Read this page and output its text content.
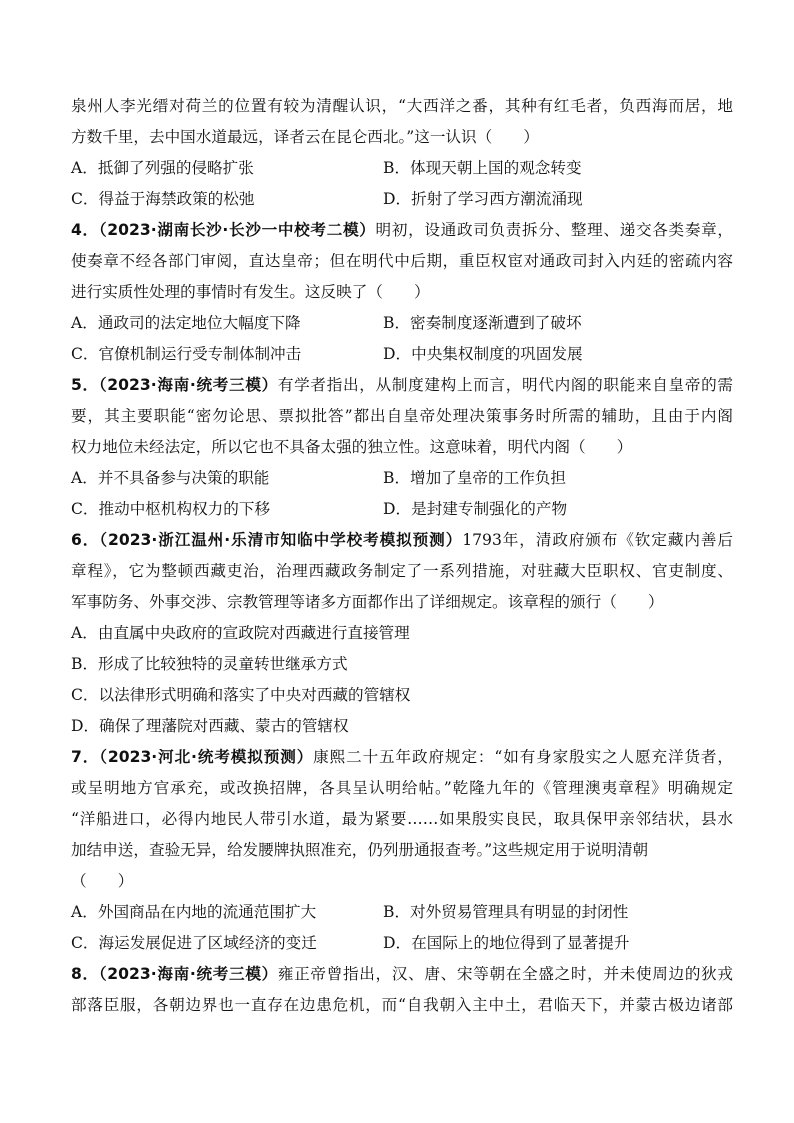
泉州人李光缙对荷兰的位置有较为清醒认识，“大西洋之番，其种有红毛者，负西海而居，地
方数千里，去中国水道最远，译者云在昆仑西北。”这一认识（　　）
A．抵御了列强的侵略扩张	B．体现天朝上国的观念转变
C．得益于海禁政策的松弛	D．折射了学习西方潮流涌现
4．（2023·湖南长沙·长沙一中校考二模）明初，设通政司负责拆分、整理、递交各类奏章，
使奏章不经各部门审阅，直达皇帝；但在明代中后期，重臣权宦对通政司封入内廷的密疏内容
进行实质性处理的事情时有发生。这反映了（　　）
A．通政司的法定地位大幅度下降	B．密奏制度逐渐遭到了破坏
C．官僚机制运行受专制体制冲击	D．中央集权制度的巩固发展
5．（2023·海南·统考三模）有学者指出，从制度建构上而言，明代内阁的职能来自皇帝的需
要，其主要职能“密勿论思、票拟批答”都出自皇帝处理决策事务时所需的辅助，且由于内阁
权力地位未经法定，所以它也不具备太强的独立性。这意味着，明代内阁（　　）
A．并不具备参与决策的职能	B．增加了皇帝的工作负担
C．推动中枢机构权力的下移	D．是封建专制强化的产物
6．（2023·浙江温州·乐清市知临中学校考模拟预测）1793年，清政府颁布《钦定藏内善后
章程》，它为整顿西藏吏治，治理西藏政务制定了一系列措施，对驻藏大臣职权、官吏制度、
军事防务、外事交涉、宗教管理等诸多方面都作出了详细规定。该章程的颁行（　　）
A．由直属中央政府的宣政院对西藏进行直接管理
B．形成了比较独特的灵童转世继承方式
C．以法律形式明确和落实了中央对西藏的管辖权
D．确保了理藩院对西藏、蒙古的管辖权
7．（2023·河北·统考模拟预测）康熙二十五年政府规定：“如有身家殷实之人愿充洋货者，
或呈明地方官承充，或改换招牌，各具呈认明给帖。”乾隆九年的《管理澳夷章程》明确规定
“洋船进口，必得内地民人带引水道，最为紧要……如果殷实良民，取具保甲亲邻结状，县水
加结申送，查验无异，给发腰牌执照准充，仍列册通报查考。”这些规定用于说明清朝
（　　）
A．外国商品在内地的流通范围扩大	B．对外贸易管理具有明显的封闭性
C．海运发展促进了区域经济的变迁	D．在国际上的地位得到了显著提升
8．（2023·海南·统考三模）雍正帝曾指出，汉、唐、宋等朝在全盛之时，并未使周边的狄戎
部落臣服，各朝边界也一直存在边患危机，而“自我朝入主中土，君临天下，并蒙古极边诸部
